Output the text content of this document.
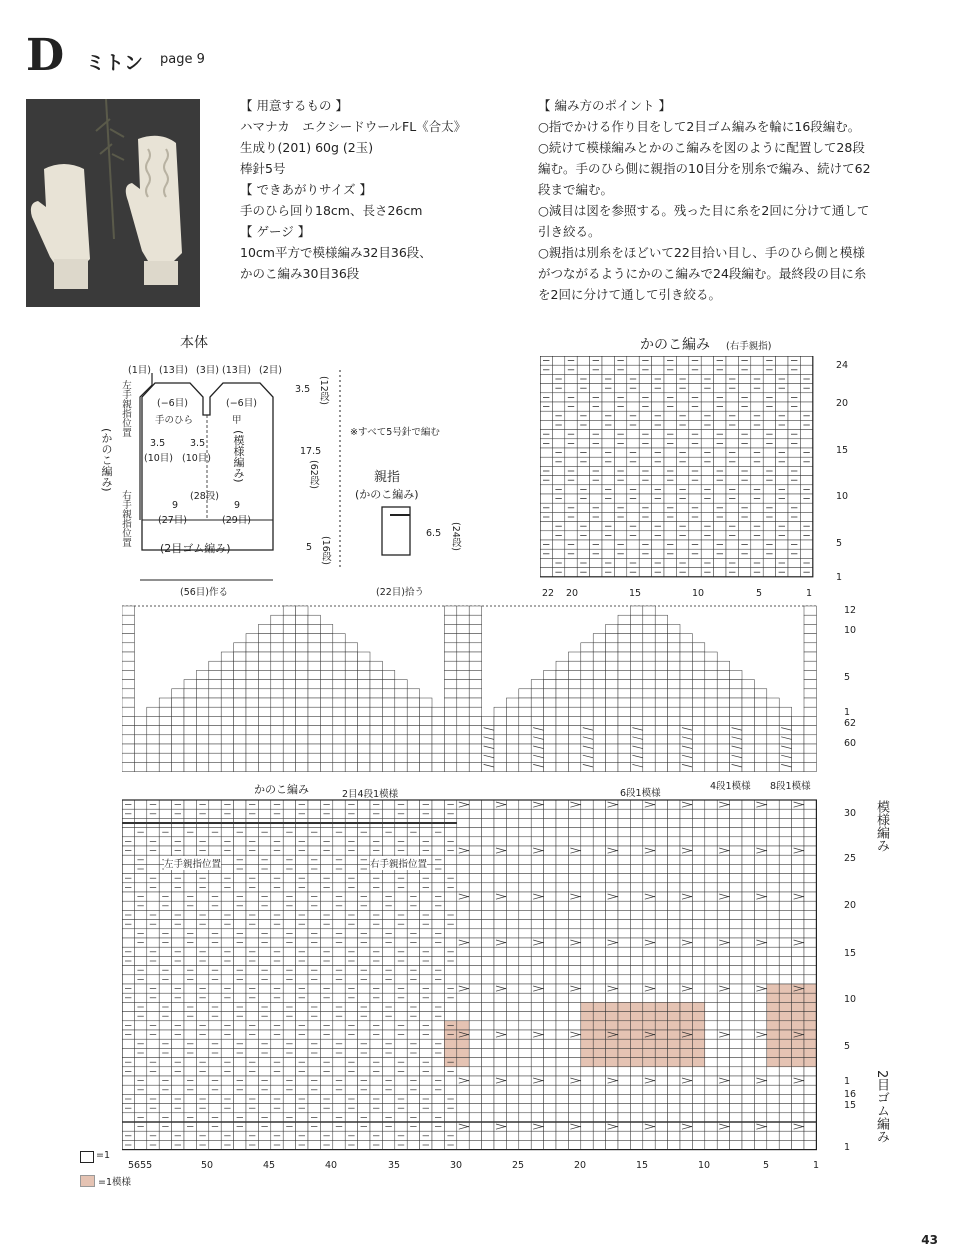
D ミトン page 9
【 用意するもの 】
ハマナカ　エクシードウールFL《合太》
生成り(201) 60g (2玉)
棒針5号
【 できあがりサイズ 】
手のひら回り18cm、長さ26cm
【 ゲージ 】
10cm平方で模様編み32目36段、
かのこ編み30目36段
【 編み方のポイント 】
○指でかける作り目をして2目ゴム編みを輪に16段編む。
○続けて模様編みとかのこ編みを図のように配置して28段
編む。手のひら側に親指の10目分を別糸で編み、続けて62
段まで編む。
○減目は図を参照する。残った目に糸を2回に分けて通して
引き絞る。
○親指は別糸をほどいて22目拾い目し、手のひら側と模様
がつながるようにかのこ編みで24段編む。最終段の目に糸
を2回に分けて通して引き絞る。
本体
(1目) (13目) (3目) (13目) (2目)
(−6目)	(−6目)
手のひら	甲
3.5
(10目)
3.5
(10目)
(28段)
9
(27目)
9
(29目)
(2目ゴム編み)
(56目)作る
左手親指位置
右手親指位置
(かのこ編み)	(模様編み)
3.5 (12段)
17.5
(62段)
5 (16段)
※すべて5号針で編む
親指
(かのこ編み)
6.5 (24段)
(22目)拾う
かのこ編み (右手親指)
22 20	15	10	5	1
24
20
15
10
5
1
かのこ編み	2目4段1模様
左手親指位置	右手親指位置
6段1模様
4段1模様 8段1模様
模様編み
2目ゴム編み
5655	50	45	40	35	30	25	20	15	10	5	1
12
10
5
1
62
60
30
25
20
15
10
5
1
16
15
1
=1
=1模様
43
